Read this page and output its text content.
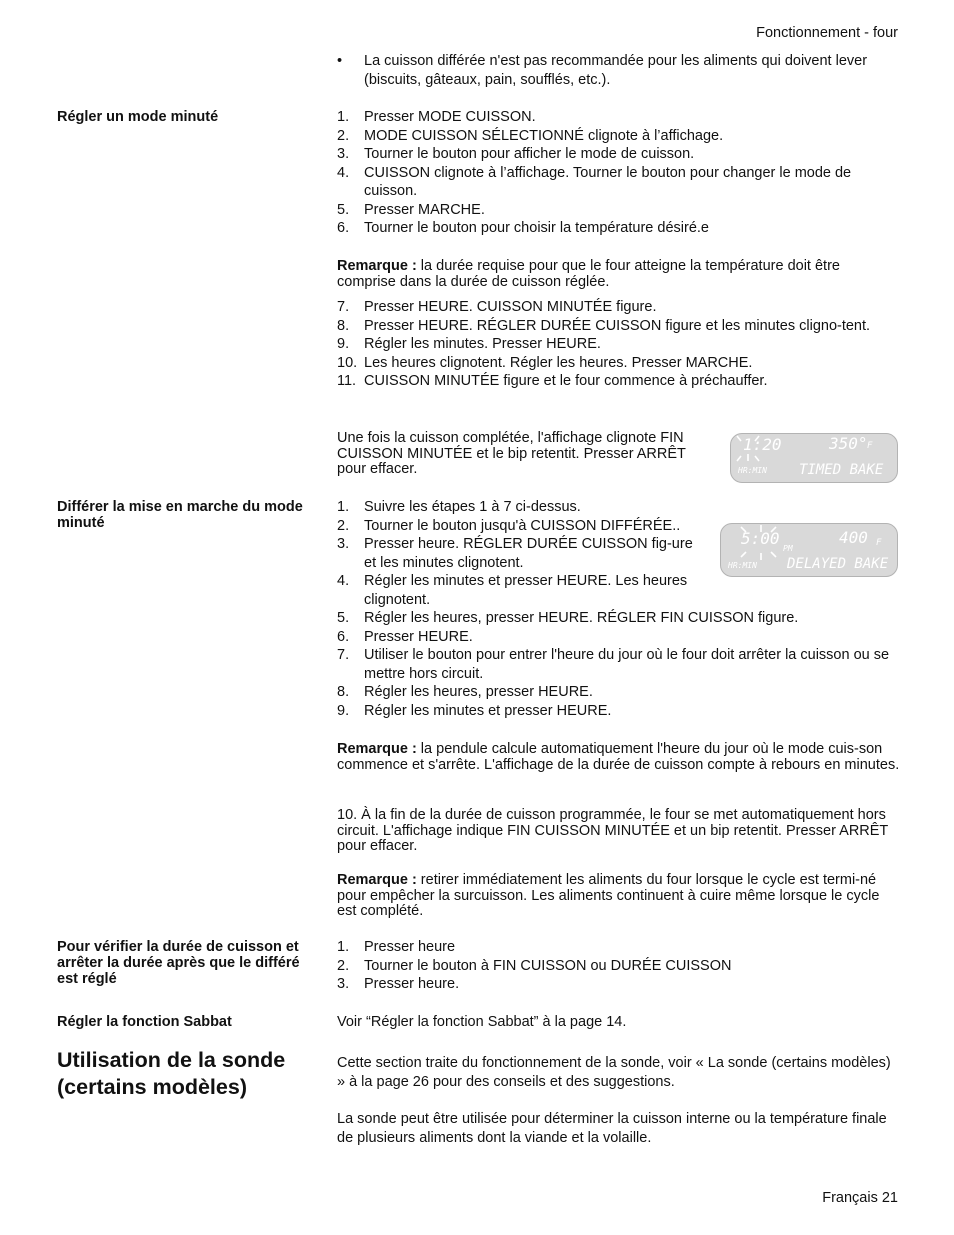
Fonctionnement - four
•	La cuisson différée n'est pas recommandée pour les aliments qui doivent lever (biscuits, gâteaux, pain, soufflés, etc.).
Régler un mode minuté	1.	Presser MODE CUISSON.
2.	MODE CUISSON SÉLECTIONNÉ clignote à l’affichage.
3.	Tourner le bouton pour afficher le mode de cuisson.
4.	CUISSON clignote à l’affichage. Tourner le bouton pour changer le mode de cuisson.
5.	Presser MARCHE.
6.	Tourner le bouton pour choisir la température désiré.e
Remarque : la durée requise pour que le four atteigne la température doit être comprise dans la durée de cuisson réglée.
7.	Presser HEURE. CUISSON MINUTÉE figure.
8.	Presser HEURE. RÉGLER DURÉE CUISSON figure et les minutes cligno-tent.
9.	Régler les minutes. Presser HEURE.
10. Les heures clignotent. Régler les heures. Presser MARCHE.
11. CUISSON MINUTÉE figure et le four commence à préchauffer.
Une fois la cuisson complétée, l'affichage clignote FIN CUISSON MINUTÉE et le bip retentit. Presser ARRÊT pour effacer.
1:20	350° F
HR:MIN TIMED BAKE
Différer la mise en marche du mode minuté
1.	Suivre les étapes 1 à 7 ci-dessus.
2.	Tourner le bouton jusqu'à CUISSON DIFFÉRÉE..
3.	Presser heure. RÉGLER DURÉE CUISSON fig-ure et les minutes clignotent.
4.	Régler les minutes et presser HEURE. Les heures clignotent.
5.	Régler les heures, presser HEURE. RÉGLER FIN CUISSON figure.
6.	Presser HEURE.
7.	Utiliser le bouton pour entrer l'heure du jour où le four doit arrêter la cuisson ou se mettre hors circuit.
8.	Régler les heures, presser HEURE.
9.	Régler les minutes et presser HEURE.
5:00
PM
400 F
HR:MIN DELAYED BAKE
Remarque : la pendule calcule automatiquement l'heure du jour où le mode cuis-son commence et s'arrête. L'affichage de la durée de cuisson compte à rebours en minutes.
10. À la fin de la durée de cuisson programmée, le four se met automatiquement hors circuit. L'affichage indique FIN CUISSON MINUTÉE et un bip retentit. Presser ARRÊT pour effacer.
Remarque : retirer immédiatement les aliments du four lorsque le cycle est termi-né pour empêcher la surcuisson. Les aliments continuent à cuire même lorsque le cycle est complété.
Pour vérifier la durée de cuisson et arrêter la durée après que le différé est réglé
1.	Presser heure
2.	Tourner le bouton à FIN CUISSON ou DURÉE CUISSON
3.	Presser heure.
Régler la fonction Sabbat	Voir “Régler la fonction Sabbat” à la page 14.
Utilisation de la sonde (certains modèles)
Cette section traite du fonctionnement de la sonde, voir « La sonde (certains modèles) » à la page 26 pour des conseils et des suggestions.
La sonde peut être utilisée pour déterminer la cuisson interne ou la température finale de plusieurs aliments dont la viande et la volaille.
Français 21
